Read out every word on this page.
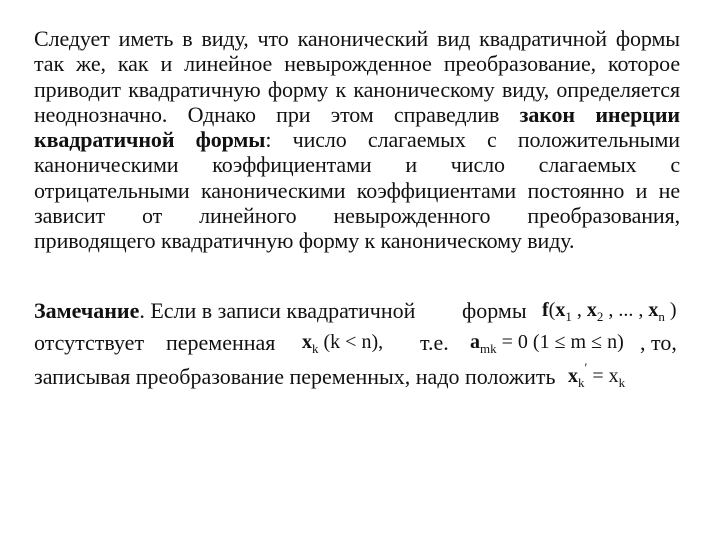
Следует иметь в виду, что канонический вид квадратичной формы так же, как и линейное невырожденное преобразование, которое приводит квадратичную форму к каноническому виду, определяется неоднозначно. Однако при этом справедлив закон инерции квадратичной формы: число слагаемых с положительными каноническими коэффициентами и число слагаемых с отрицательными каноническими коэффициентами постоянно и не зависит от линейного невырожденного преобразования, приводящего квадратичную форму к каноническому виду.
Замечание. Если в записи квадратичной формы $f(x_1$ , $x_2$ , ... , $x_n$ )
отсутствует переменная $x_k$ (k < n), т.е. $a_{mk} = 0$ (1 ≤ m ≤ n) , то,
записывая преобразование переменных, надо положить $x_k' = x_k$
